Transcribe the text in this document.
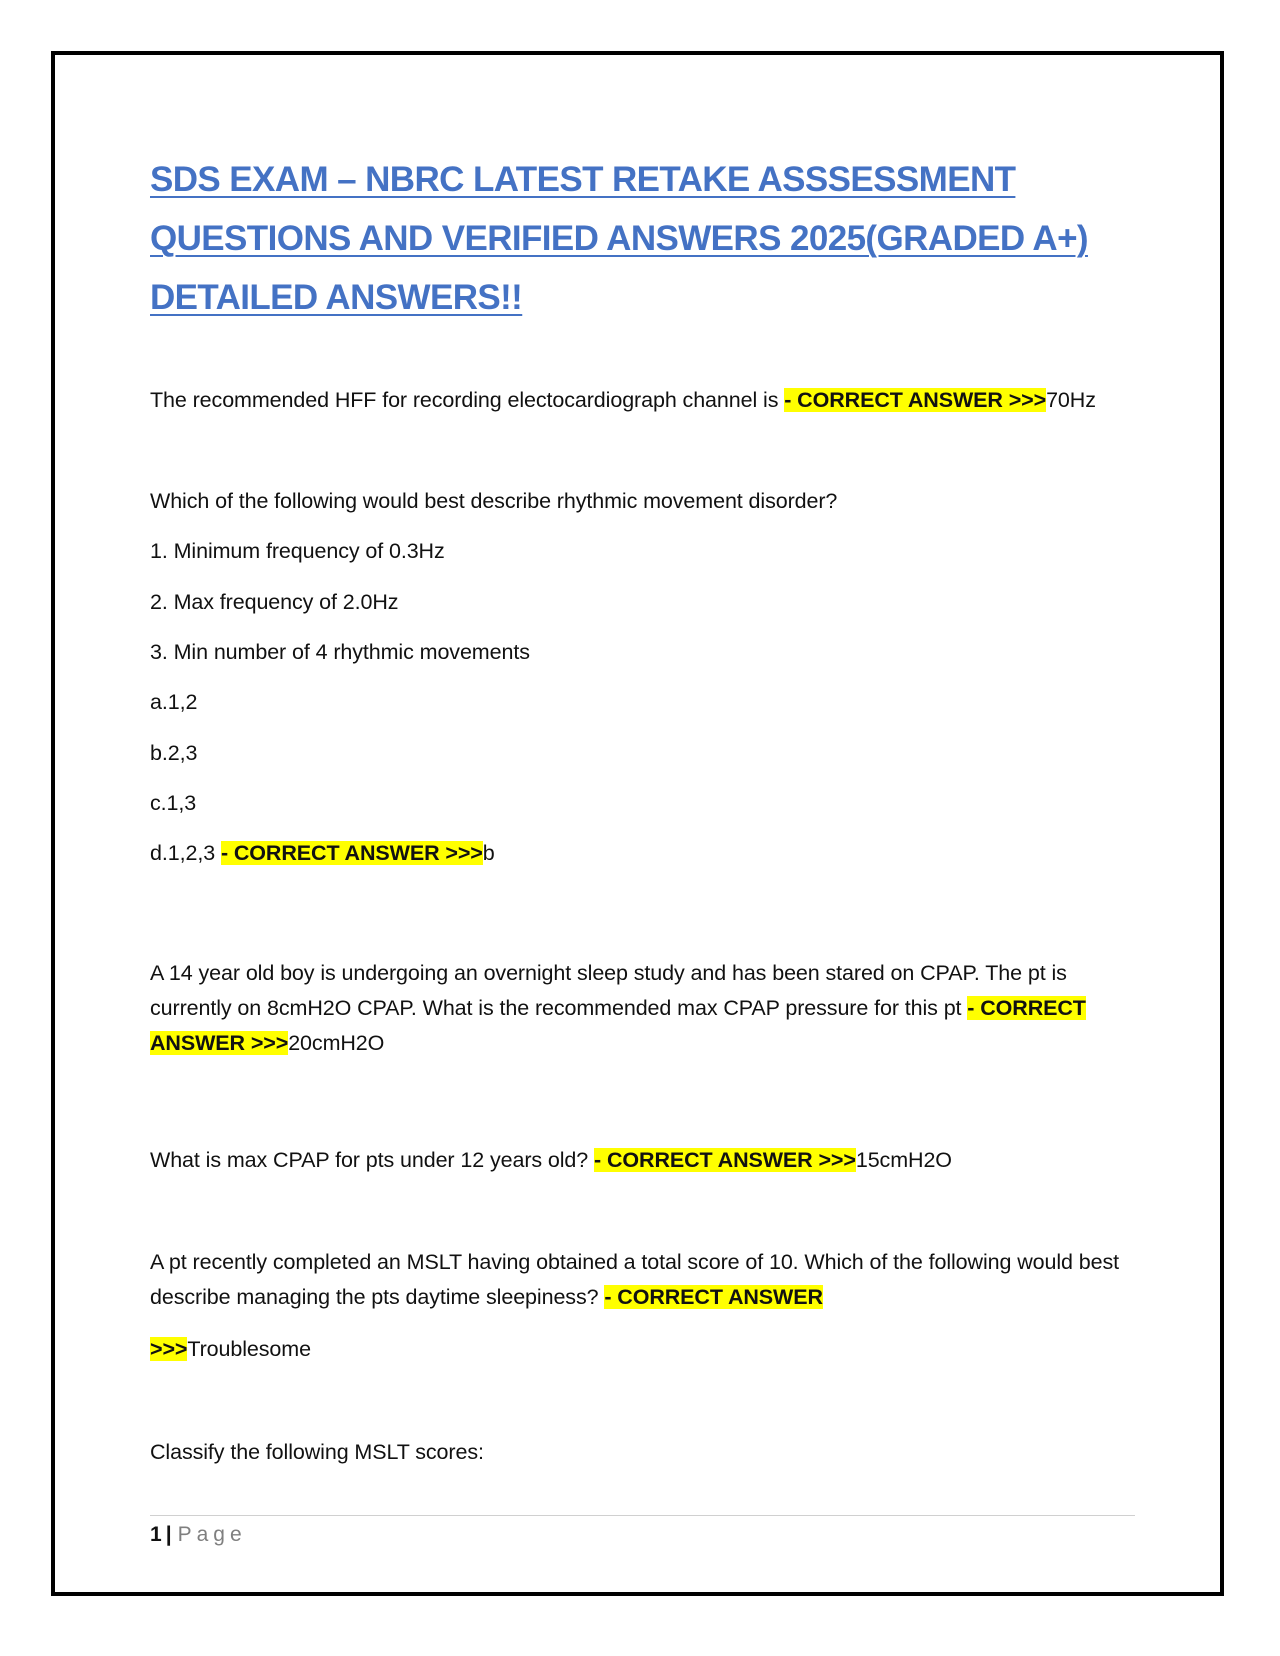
SDS EXAM – NBRC LATEST RETAKE ASSSESSMENT QUESTIONS AND VERIFIED ANSWERS 2025(GRADED A+) DETAILED ANSWERS!!
The recommended HFF for recording electocardiograph channel is - CORRECT ANSWER >>>70Hz
Which of the following would best describe rhythmic movement disorder?
1. Minimum frequency of 0.3Hz
2. Max frequency of 2.0Hz
3. Min number of 4 rhythmic movements
a.1,2
b.2,3
c.1,3
d.1,2,3 - CORRECT ANSWER >>>b
A 14 year old boy is undergoing an overnight sleep study and has been stared on CPAP. The pt is currently on 8cmH2O CPAP. What is the recommended max CPAP pressure for this pt - CORRECT ANSWER >>>20cmH2O
What is max CPAP for pts under 12 years old? - CORRECT ANSWER >>>15cmH2O
A pt recently completed an MSLT having obtained a total score of 10. Which of the following would best describe managing the pts daytime sleepiness? - CORRECT ANSWER
>>>Troublesome
Classify the following MSLT scores:
1 | Page
